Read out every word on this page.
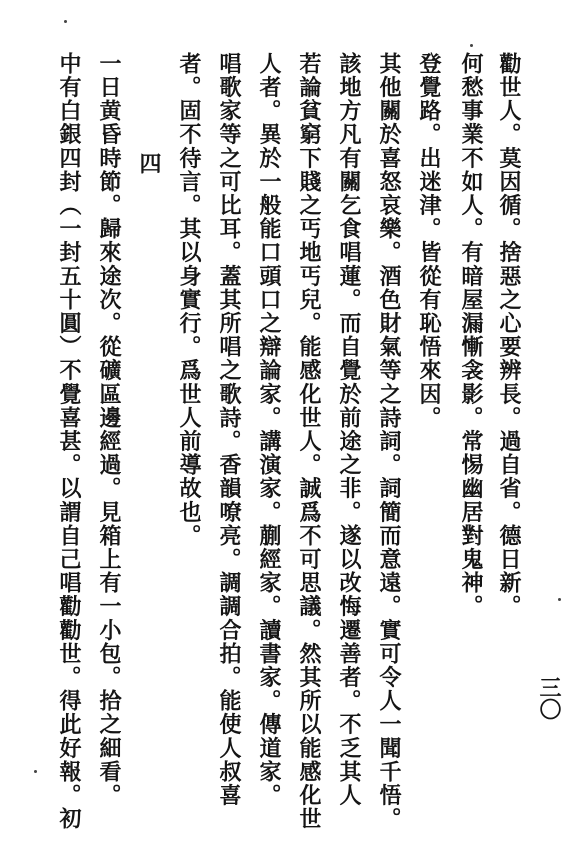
三〇
勸世人。莫因循。捨惡之心要辨長。過自省。德日新。
何愁事業不如人。有暗屋漏慚衾影。常惕幽居對鬼神。
登覺路。出迷津。皆從有恥悟來因。
其他關於喜怒哀樂。酒色財氣等之詩詞。詞簡而意遠。實可令人一聞千悟。
該地方凡有關乞食唱蓮。而自覺於前途之非。遂以改悔遷善者。不乏其人
若論貧窮下賤之丐地丐兒。能感化世人。誠爲不可思議。然其所以能感化世
人者。異於一般能口頭口之辯論家。講演家。蒯經家。讀書家。傳道家。
唱歌家等之可比耳。蓋其所唱之歌詩。香韻嘹亮。調調合拍。能使人叔喜
者。固不待言。其以身實行。爲世人前導故也。
四
一日黄昏時節。歸來途次。從礦區邊經過。見箱上有一小包。拾之細看。
中有白銀四封（一封五十圓）不覺喜甚。以謂自己唱勸勸世。得此好報。初
